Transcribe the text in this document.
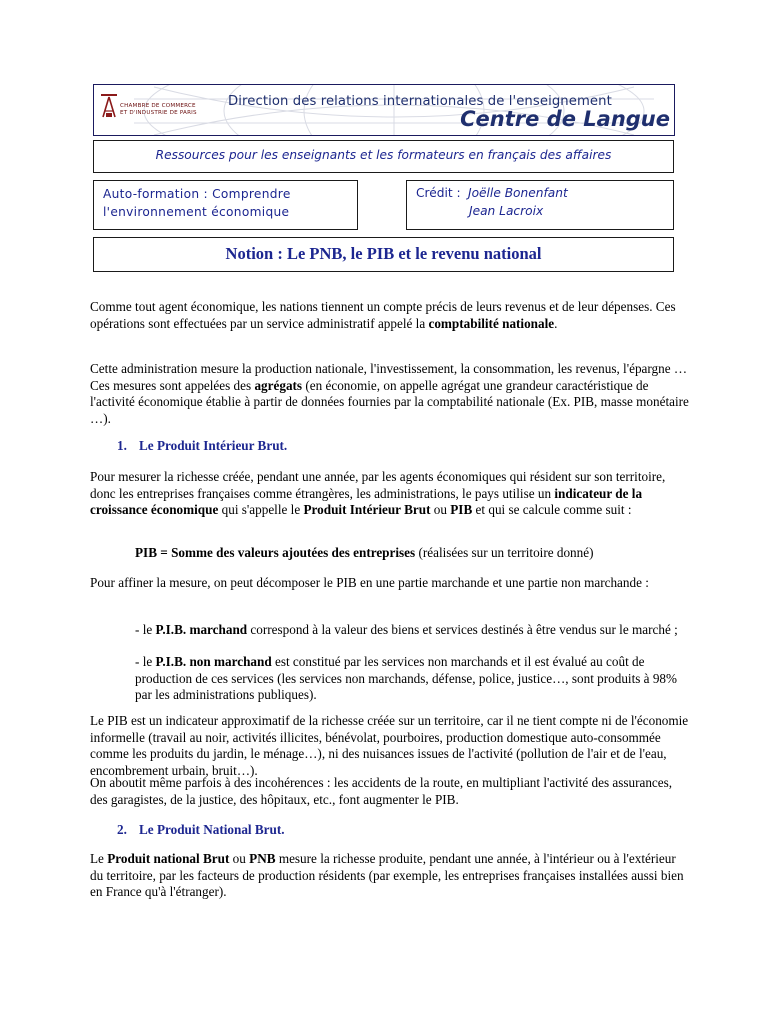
CHAMBRE DE COMMERCE
ET D'INDUSTRIE DE PARIS
Direction des relations internationales de l'enseignement
Centre de Langue
Ressources pour les enseignants et les formateurs en français des affaires
Auto-formation : Comprendre
l'environnement économique
Crédit : Joëlle Bonenfant
Jean Lacroix
Notion : Le PNB, le PIB et le revenu national

Comme tout agent économique, les nations tiennent un compte précis de leurs revenus et de leur dépenses. Ces opérations sont effectuées par un service administratif appelé la comptabilité nationale.

Cette administration mesure la production nationale, l'investissement, la consommation, les revenus, l'épargne … Ces mesures sont appelées des agrégats (en économie, on appelle agrégat une grandeur caractéristique de l'activité économique établie à partir de données fournies par la comptabilité nationale (Ex. PIB, masse monétaire …).

1. Le Produit Intérieur Brut.

Pour mesurer la richesse créée, pendant une année, par les agents économiques qui résident sur son territoire, donc les entreprises françaises comme étrangères, les administrations, le pays utilise un indicateur de la croissance économique qui s'appelle le Produit Intérieur Brut ou PIB et qui se calcule comme suit :

PIB = Somme des valeurs ajoutées des entreprises (réalisées sur un territoire donné)

Pour affiner la mesure, on peut décomposer le PIB en une partie marchande et une partie non marchande :

- le P.I.B. marchand correspond à la valeur des biens et services destinés à être vendus sur le marché ;

- le P.I.B. non marchand est constitué par les services non marchands et il est évalué au coût de production de ces services (les services non marchands, défense, police, justice…, sont produits à 98% par les administrations publiques).

Le PIB est un indicateur approximatif de la richesse créée sur un territoire, car il ne tient compte ni de l'économie informelle (travail au noir, activités illicites, bénévolat, pourboires, production domestique auto-consommée comme les produits du jardin, le ménage…), ni des nuisances issues de l'activité (pollution de l'air et de l'eau, encombrement urbain, bruit…).

On aboutit même parfois à des incohérences : les accidents de la route, en multipliant l'activité des assurances, des garagistes, de la justice, des hôpitaux, etc., font augmenter le PIB.

2. Le Produit National Brut.

Le Produit national Brut ou PNB mesure la richesse produite, pendant une année, à l'intérieur ou à l'extérieur du territoire, par les facteurs de production résidents (par exemple, les entreprises françaises installées aussi bien en France qu'à l'étranger).
